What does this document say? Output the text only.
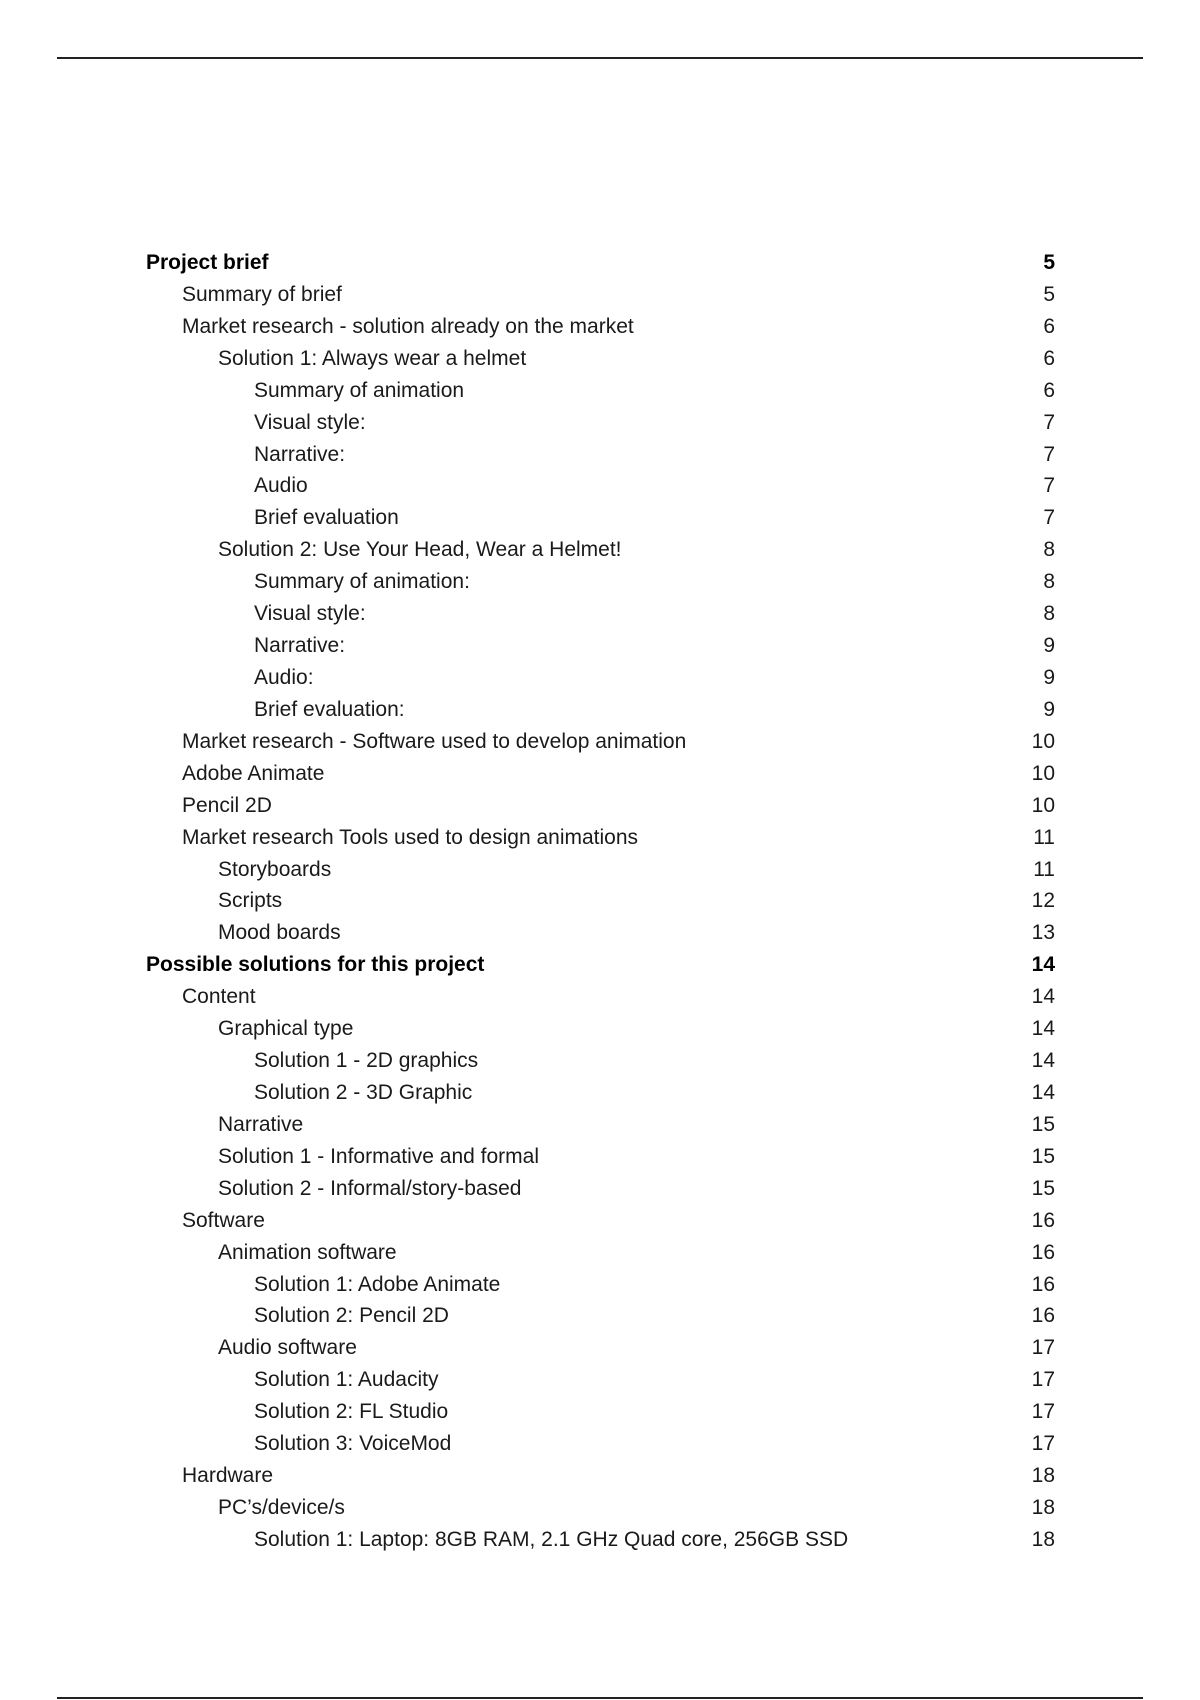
Project brief	5
Summary of brief	5
Market research - solution already on the market	6
Solution 1: Always wear a helmet	6
Summary of animation	6
Visual style:	7
Narrative:	7
Audio	7
Brief evaluation	7
Solution 2: Use Your Head, Wear a Helmet!	8
Summary of animation:	8
Visual style:	8
Narrative:	9
Audio:	9
Brief evaluation:	9
Market research - Software used to develop animation	10
Adobe Animate	10
Pencil 2D	10
Market research Tools used to design animations	11
Storyboards	11
Scripts	12
Mood boards	13
Possible solutions for this project	14
Content	14
Graphical type	14
Solution 1 - 2D graphics	14
Solution 2 - 3D Graphic	14
Narrative	15
Solution 1 - Informative and formal	15
Solution 2 - Informal/story-based	15
Software	16
Animation software	16
Solution 1: Adobe Animate	16
Solution 2: Pencil 2D	16
Audio software	17
Solution 1: Audacity	17
Solution 2: FL Studio	17
Solution 3: VoiceMod	17
Hardware	18
PC’s/device/s	18
Solution 1: Laptop: 8GB RAM, 2.1 GHz Quad core, 256GB SSD	18
